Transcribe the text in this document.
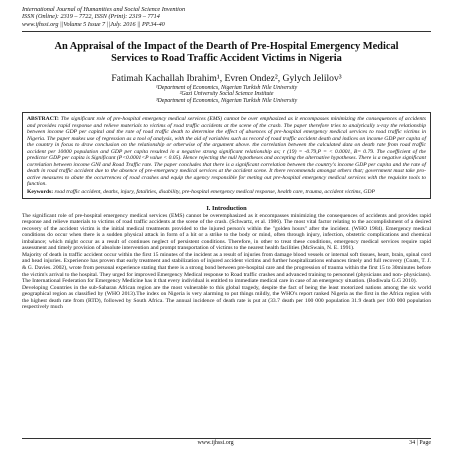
International Journal of Humanities and Social Science Invention
ISSN (Online): 2319 – 7722, ISSN (Print): 2319 – 7714
www.ijhssi.org ||Volume 5 Issue 7 ||July. 2016 || PP.34-40
An Appraisal of the Impact of the Dearth of Pre-Hospital Emergency Medical Services to Road Traffic Accident Victims in Nigeria
Fatimah Kachallah Ibrahim¹, Evren Ondez², Gylych Jelilov³
¹Department of Economics, Nigerian Turkish Nile University
²Gazi University Social Science Institute
³Department of Economics, Nigerian Turkish Nile University
ABSTRACT: The significant role of pre-hospital emergency medical services (EMS) cannot be over emphasized as it encompasses minimizing the consequences of accidents and provides rapid response and relieve materials to victims of road traffic accidents at the scene of the crash. The paper therefore tries to analytically x-ray the relationship between income GDP per capital and the rate of road traffic death to determine the effect of absences of pre-hospital emergency medical services to road traffic victims in Nigeria. The paper makes use of regression as a tool of analysis, with the aid of variables such as record of road traffic accident death and indices on income GDP per capita of the country in focus to draw conclusion on the relationship or otherwise of the argument above. the correlation between the calculated data on death rate from road traffic accident per 10000 population and GDP per capita resulted in a negative strong significant relationship as; r (19) = -0.79,P = < 0.0001, B= 0.79. The coefficient of the predictor GDP per capita is Significant (P<0.0001<P value < 0.05). Hence rejecting the null hypotheses and accepting the alternative hypotheses. There is a negative significant correlation between income GNI and Road Traffic rate. The paper concludes that there is a significant correlation between the country's income GDP per capita and the rate of death in road traffic accident due to the absence of pre-emergency medical services at the accident scene. It there recommends amongst others that; government must take pro-active measures to abate the occurrences of road crashes and equip the agency responsible for meting out pre-hospital emergency medical services with the requisite tools to function.
Keywords: road traffic accident, deaths, injury, fatalities, disability, pre-hospital emergency medical response, health care, trauma, accident victims, GDP
I. Introduction

The significant role of pre-hospital emergency medical services (EMS) cannot be overemphasized as it encompasses minimizing the consequences of accidents and provides rapid response and relieve materials to victims of road traffic accidents at the scene of the crash. (Schwartz, et al. 1986). The most vital factor relating to the accomplishment of a desired recovery of the accident victim is the initial medical treatments provided to the injured person's within the "golden hours" after the incident. (WHO 1984). Emergency medical conditions do occur when there is a sudden physical attack in form of a hit or a strike to the body or mind, often through injury, infection, obstetric complications and chemical imbalance; which might occur as a result of continues neglect of persistent conditions. Therefore, in other to treat these conditions, emergency medical services require rapid assessment and timely provision of absolute intervention and prompt transportation of victims to the nearest health facilities (McSwain, N. E. 1991).

Majority of death in traffic accident occur within the first 15 minutes of the incident as a result of injuries from damage blood vessels or internal soft tissues, heart, brain, spinal cord and head injuries. Experience has proven that early treatment and stabilization of injured accident victims and further hospitalizations enhances timely and full recovery (Coats, T. J. & G. Davies. 2002), wrote from personal experience stating that there is a strong bond between pre-hospital care and the progression of trauma within the first 15 to 30minutes before the victim's arrival to the hospital. They urged for improved Emergency Medical response to Road traffic crashes and advanced training to personnel (physicians and non- physicians). The International Federation for Emergency Medicine has it that every individual is entitled to immediate medical care in case of an emergency situation. (Bodiwala G.G 2010).

Developing Countries in the sub-Saharan African region are the most vulnerable to this global tragedy, despite the fact of being the least motorized nations among the six world geographical region as classified by (WHO 2013).The index on Nigeria is very alarming to put things mildly, the WHO's report ranked Nigeria as the first in the Africa region with the highest death rate from (RTD), followed by South Africa. The annual incidence of death rate is put at (33.7 death per 100 000 population 31.9 death per 100 000 population respectively much

www.ijhssi.org	34 | Page
